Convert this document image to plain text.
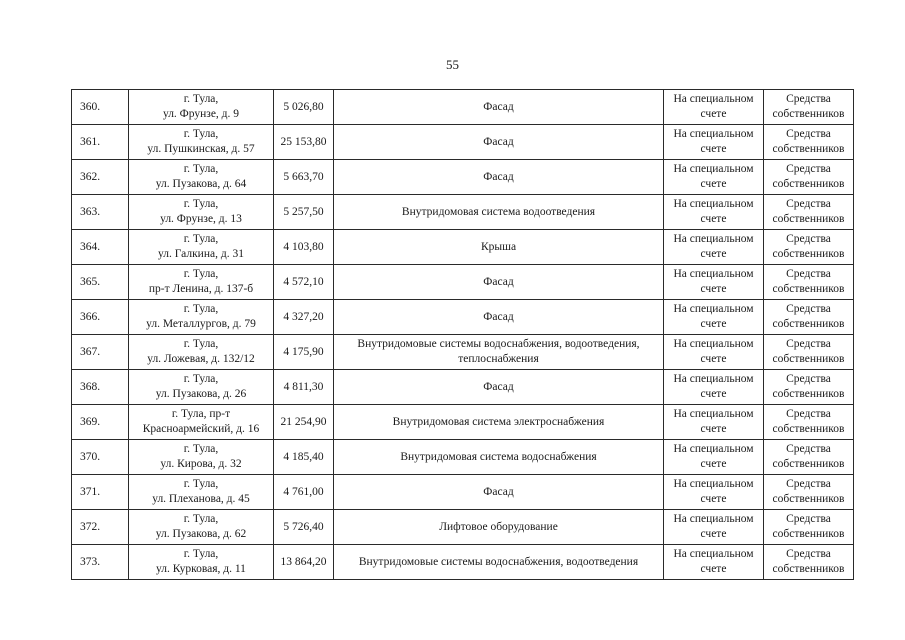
55
360.	г. Тула,
ул. Фрунзе, д. 9	5 026,80	Фасад	На специальном
счете	Средства
собственников

361.	г. Тула,
ул. Пушкинская, д. 57	25 153,80	Фасад	На специальном
счете	Средства
собственников

362.	г. Тула,
ул. Пузакова, д. 64	5 663,70	Фасад	На специальном
счете	Средства
собственников

363.	г. Тула,
ул. Фрунзе, д. 13	5 257,50	Внутридомовая система водоотведения	На специальном
счете	Средства
собственников

364.	г. Тула,
ул. Галкина, д. 31	4 103,80	Крыша	На специальном
счете	Средства
собственников

365.	г. Тула,
пр-т Ленина, д. 137-б	4 572,10	Фасад	На специальном
счете	Средства
собственников

366.	г. Тула,
ул. Металлургов, д. 79	4 327,20	Фасад	На специальном
счете	Средства
собственников

367.	г. Тула,
ул. Ложевая, д. 132/12	4 175,90	Внутридомовые системы водоснабжения, водоотведения,
теплоснабжения	На специальном
счете	Средства
собственников

368.	г. Тула,
ул. Пузакова, д. 26	4 811,30	Фасад	На специальном
счете	Средства
собственников

369.	г. Тула, пр-т
Красноармейский, д. 16	21 254,90	Внутридомовая система электроснабжения	На специальном
счете	Средства
собственников

370.	г. Тула,
ул. Кирова, д. 32	4 185,40	Внутридомовая система водоснабжения	На специальном
счете	Средства
собственников

371.	г. Тула,
ул. Плеханова, д. 45	4 761,00	Фасад	На специальном
счете	Средства
собственников

372.	г. Тула,
ул. Пузакова, д. 62	5 726,40	Лифтовое оборудование	На специальном
счете	Средства
собственников

373.	г. Тула,
ул. Курковая, д. 11	13 864,20	Внутридомовые системы водоснабжения, водоотведения	На специальном
счете	Средства
собственников
